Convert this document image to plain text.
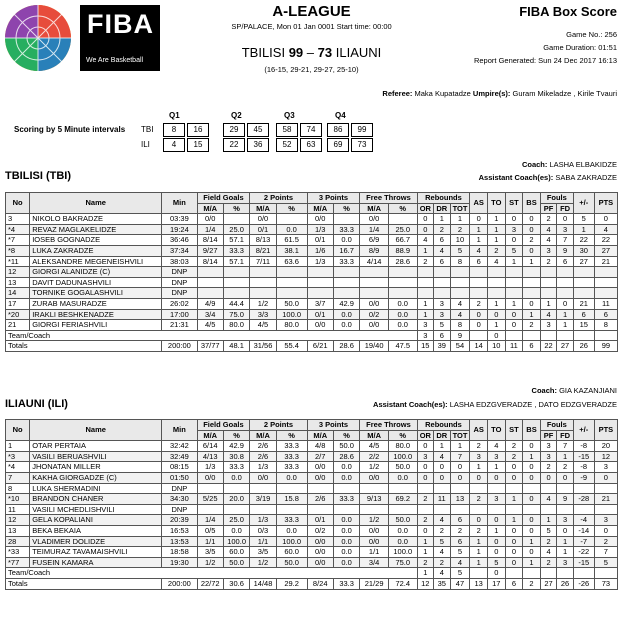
FIBA
We Are Basketball
A-LEAGUE
SP/PALACE, Mon 01 Jan 0001 Start time: 00:00
TBILISI 99 – 73 ILIAUNI
(16-15, 29-21, 29-27, 25-10)
FIBA Box Score
Game No.: 256
Game Duration: 01:51
Report Generated: Sun 24 Dec 2017 16:13
Referee: Maka Kupatadze Umpire(s): Guram Mikeladze , Kirile Tvauri
Scoring by 5 Minute intervals
Q1	Q2	Q3	Q4
TBI
ILI
8	16	29	45	58	74	86	99
4	15	22	36	52	63	69	73
TBILISI (TBI)
Coach: LASHA ELBAKIDZE
Assistant Coach(es): SABA ZAKRADZE
No	Name	Min	Field Goals		2 Points		3 Points		Free Throws		Rebounds			AS	TO	ST	BS	Fouls		+/-	PTS
			M/A	%	M/A	%	M/A	%	M/A	%	OR	DR	TOT					PF	FD		
3	NIKOLO BAKRADZE	03:39	0/0		0/0		0/0		0/0		0	1	1	0	1	0	0	2	0	5	0
*4	REVAZ MAGLAKELIDZE	19:24	1/4	25.0	0/1	0.0	1/3	33.3	1/4	25.0	0	2	2	1	1	3	0	4	3	1	4
*7	IOSEB GOGNADZE	36:46	8/14	57.1	8/13	61.5	0/1	0.0	6/9	66.7	4	6	10	1	1	0	2	4	7	22	22
*8	LUKA ZAKRADZE	37:34	9/27	33.3	8/21	38.1	1/6	16.7	8/9	88.9	1	4	5	4	2	5	0	3	9	30	27
*11	ALEKSANDRE MEGENEISHVILI	38:03	8/14	57.1	7/11	63.6	1/3	33.3	4/14	28.6	2	6	8	6	4	1	1	2	6	27	21
12	GIORGI ALANIDZE (C)	DNP																			
13	DAVIT DADUNASHVILI	DNP																			
14	TORNIKE GOGALASHVILI	DNP																			
17	ZURAB MASURADZE	26:02	4/9	44.4	1/2	50.0	3/7	42.9	0/0	0.0	1	3	4	2	1	1	0	1	0	21	11
*20	IRAKLI BESHKENADZE	17:00	3/4	75.0	3/3	100.0	0/1	0.0	0/2	0.0	1	3	4	0	0	0	1	4	1	6	6
21	GIORGI FERIASHVILI	21:31	4/5	80.0	4/5	80.0	0/0	0.0	0/0	0.0	3	5	8	0	1	0	2	3	1	15	8
Team/Coach											3	6	9		0						
Totals		200:00	37/77	48.1	31/56	55.4	6/21	28.6	19/40	47.5	15	39	54	14	10	11	6	22	27	26	99
Coach: GIA KAZANJIANI
ILIAUNI (ILI)	Assistant Coach(es): LASHA EDZGVERADZE , DATO EDZGVERADZE
No	Name	Min	Field Goals		2 Points		3 Points		Free Throws		Rebounds			AS	TO	ST	BS	Fouls		+/-	PTS
			M/A	%	M/A	%	M/A	%	M/A	%	OR	DR	TOT					PF	FD		
1	OTAR PERTAIA	32:42	6/14	42.9	2/6	33.3	4/8	50.0	4/5	80.0	0	1	1	2	4	2	0	3	7	-8	20
*3	VASILI BERUASHVILI	32:49	4/13	30.8	2/6	33.3	2/7	28.6	2/2	100.0	3	4	7	3	3	2	1	3	1	-15	12
*4	JHONATAN MILLER	08:15	1/3	33.3	1/3	33.3	0/0	0.0	1/2	50.0	0	0	0	1	1	0	0	2	2	-8	3
7	KAKHA GIORGADZE (C)	01:50	0/0	0.0	0/0	0.0	0/0	0.0	0/0	0.0	0	0	0	0	0	0	0	0	0	-9	0
8	LUKA SHERMADINI	DNP																			
*10	BRANDON CHANER	34:30	5/25	20.0	3/19	15.8	2/6	33.3	9/13	69.2	2	11	13	2	3	1	0	4	9	-28	21
11	VASILI MCHEDLISHVILI	DNP																			
12	GELA KOPALIANI	20:39	1/4	25.0	1/3	33.3	0/1	0.0	1/2	50.0	2	4	6	0	0	1	0	1	3	-4	3
13	BEKA BEKAIA	16:53	0/5	0.0	0/3	0.0	0/2	0.0	0/0	0.0	0	2	2	2	1	0	0	5	0	-14	0
28	VLADIMER DOLIDZE	13:53	1/1	100.0	1/1	100.0	0/0	0.0	0/0	0.0	1	5	6	1	0	0	1	2	1	-7	2
*33	TEIMURAZ TAVAMAISHVILI	18:58	3/5	60.0	3/5	60.0	0/0	0.0	1/1	100.0	1	4	5	1	0	0	0	4	1	-22	7
*77	FUSEIN KAMARA	19:30	1/2	50.0	1/2	50.0	0/0	0.0	3/4	75.0	2	2	4	1	5	0	1	2	3	-15	5
Team/Coach											1	4	5		0						
Totals		200:00	22/72	30.6	14/48	29.2	8/24	33.3	21/29	72.4	12	35	47	13	17	6	2	27	26	-26	73
